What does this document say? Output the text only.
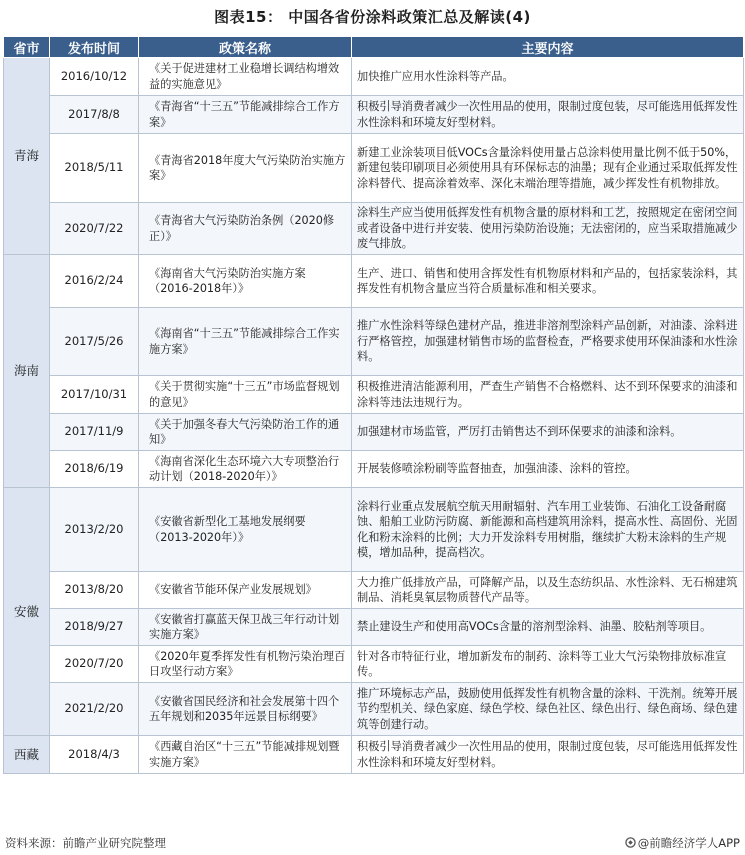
图表15： 中国各省份涂料政策汇总及解读(4)
省市	发布时间	政策名称	主要内容
青海	2016/10/12	《关于促进建材工业稳增长调结构增效益的实施意见》	加快推广应用水性涂料等产品。
	2017/8/8	《青海省“十三五”节能减排综合工作方案》	积极引导消费者减少一次性用品的使用，限制过度包装，尽可能选用低挥发性水性涂料和环境友好型材料。
	2018/5/11	《青海省2018年度大气污染防治实施方案》	新建工业涂装项目低VOCs含量涂料使用量占总涂料使用量比例不低于50%，新建包装印刷项目必须使用具有环保标志的油墨；现有企业通过采取低挥发性涂料替代、提高涂着效率、深化末端治理等措施，减少挥发性有机物排放。
	2020/7/22	《青海省大气污染防治条例（2020修正）》	涂料生产应当使用低挥发性有机物含量的原材料和工艺，按照规定在密闭空间或者设备中进行并安装、使用污染防治设施；无法密闭的，应当采取措施减少废气排放。
海南	2016/2/24	《海南省大气污染防治实施方案（2016-2018年）》	生产、进口、销售和使用含挥发性有机物原材料和产品的，包括家装涂料，其挥发性有机物含量应当符合质量标准和相关要求。
	2017/5/26	《海南省“十三五”节能减排综合工作实施方案》	推广水性涂料等绿色建材产品，推进非溶剂型涂料产品创新，对油漆、涂料进行严格管控，加强建材销售市场的监督检查，严格要求使用环保油漆和水性涂料。
	2017/10/31	《关于贯彻实施“十三五”市场监督规划的意见》	积极推进清洁能源利用，严查生产销售不合格燃料、达不到环保要求的油漆和涂料等违法违规行为。
	2017/11/9	《关于加强冬春大气污染防治工作的通知》	加强建材市场监管，严厉打击销售达不到环保要求的油漆和涂料。
	2018/6/19	《海南省深化生态环境六大专项整治行动计划（2018-2020年）》	开展装修喷涂粉刷等监督抽查，加强油漆、涂料的管控。
安徽	2013/2/20	《安徽省新型化工基地发展纲要（2013-2020年）》	涂料行业重点发展航空航天用耐辐射、汽车用工业装饰、石油化工设备耐腐蚀、船舶工业防污防腐、新能源和高档建筑用涂料，提高水性、高固份、光固化和粉末涂料的比例；大力开发涂料专用树脂，继续扩大粉末涂料的生产规模，增加品种，提高档次。
	2013/8/20	《安徽省节能环保产业发展规划》	大力推广低排放产品，可降解产品，以及生态纺织品、水性涂料、无石棉建筑制品、消耗臭氧层物质替代产品等。
	2018/9/27	《安徽省打赢蓝天保卫战三年行动计划实施方案》	禁止建设生产和使用高VOCs含量的溶剂型涂料、油墨、胶粘剂等项目。
	2020/7/20	《2020年夏季挥发性有机物污染治理百日攻坚行动方案》	针对各市特征行业，增加新发布的制药、涂料等工业大气污染物排放标准宣传。
	2021/2/20	《安徽省国民经济和社会发展第十四个五年规划和2035年远景目标纲要》	推广环境标志产品，鼓励使用低挥发性有机物含量的涂料、干洗剂。统筹开展节约型机关、绿色家庭、绿色学校、绿色社区、绿色出行、绿色商场、绿色建筑等创建行动。
西藏	2018/4/3	《西藏自治区“十三五”节能减排规划暨实施方案》	积极引导消费者减少一次性用品的使用，限制过度包装，尽可能选用低挥发性水性涂料和环境友好型材料。
资料来源：前瞻产业研究院整理	@前瞻经济学人APP
